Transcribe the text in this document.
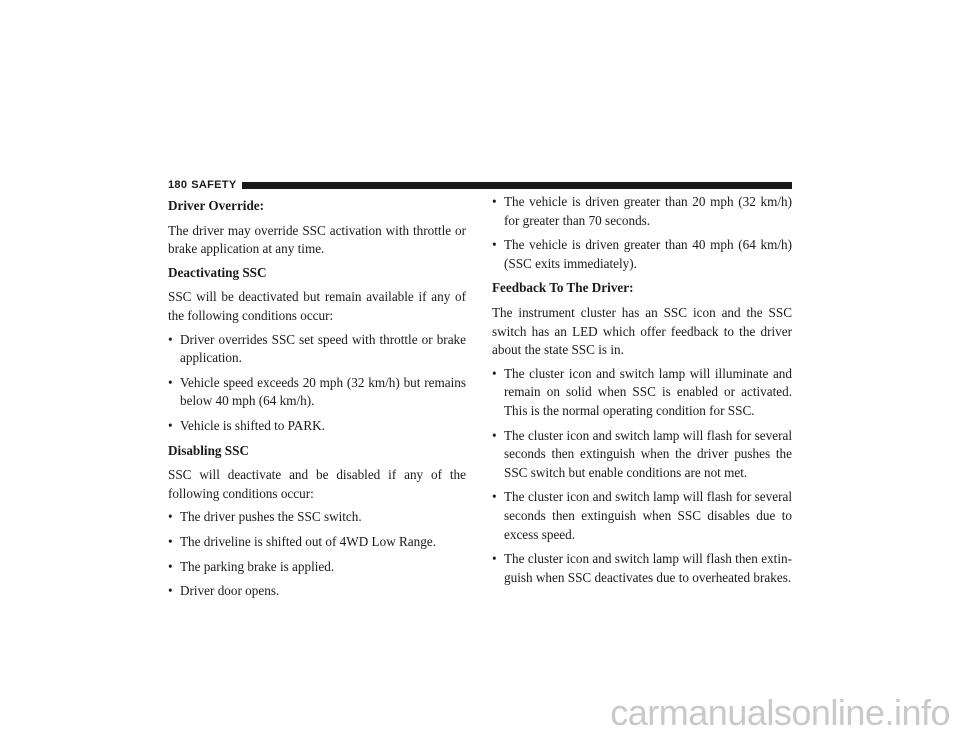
180 SAFETY
Driver Override:
The driver may override SSC activation with throttle or brake application at any time.
Deactivating SSC
SSC will be deactivated but remain available if any of the following conditions occur:
• Driver overrides SSC set speed with throttle or brake application.
• Vehicle speed exceeds 20 mph (32 km/h) but remains below 40 mph (64 km/h).
• Vehicle is shifted to PARK.
Disabling SSC
SSC will deactivate and be disabled if any of the following conditions occur:
• The driver pushes the SSC switch.
• The driveline is shifted out of 4WD Low Range.
• The parking brake is applied.
• Driver door opens.
• The vehicle is driven greater than 20 mph (32 km/h) for greater than 70 seconds.
• The vehicle is driven greater than 40 mph (64 km/h) (SSC exits immediately).
Feedback To The Driver:
The instrument cluster has an SSC icon and the SSC switch has an LED which offer feedback to the driver about the state SSC is in.
• The cluster icon and switch lamp will illuminate and remain on solid when SSC is enabled or activated. This is the normal operating condition for SSC.
• The cluster icon and switch lamp will flash for several seconds then extinguish when the driver pushes the SSC switch but enable conditions are not met.
• The cluster icon and switch lamp will flash for several seconds then extinguish when SSC disables due to excess speed.
• The cluster icon and switch lamp will flash then extin-guish when SSC deactivates due to overheated brakes.
carmanualsonline.info
